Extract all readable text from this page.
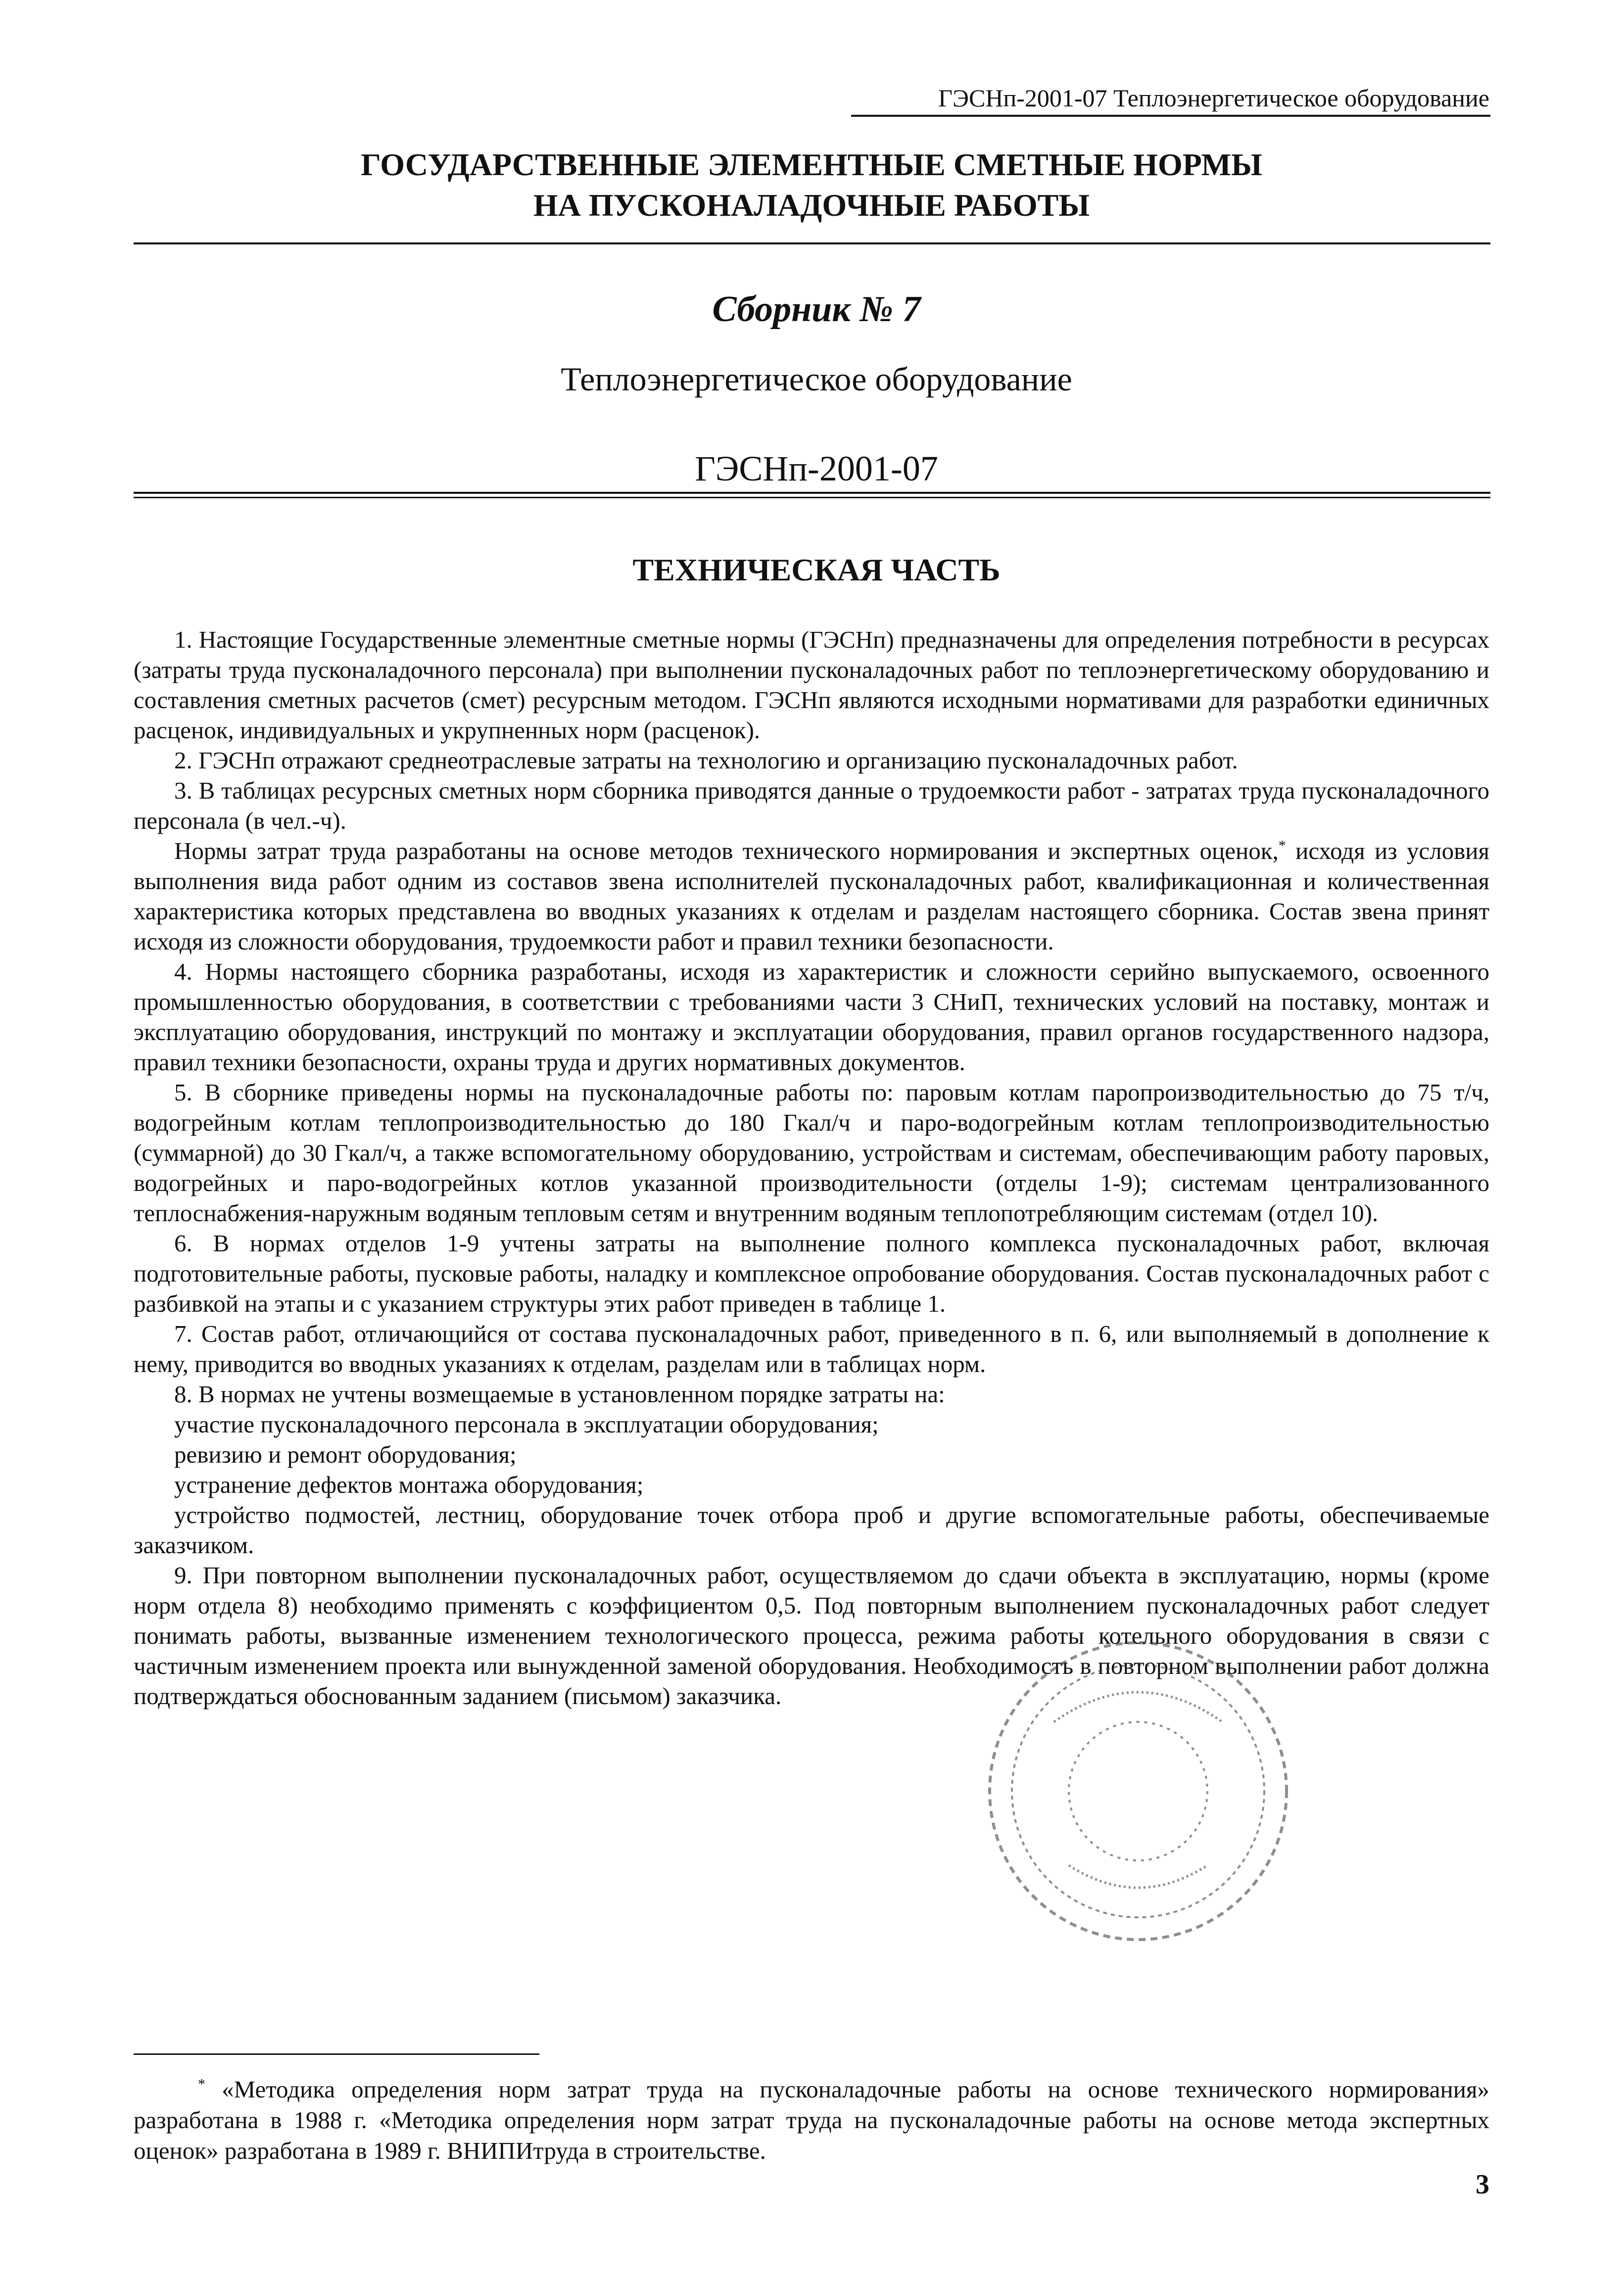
ГЭСНп-2001-07 Теплоэнергетическое оборудование
ГОСУДАРСТВЕННЫЕ ЭЛЕМЕНТНЫЕ СМЕТНЫЕ НОРМЫ
НА ПУСКОНАЛАДОЧНЫЕ РАБОТЫ
Сборник № 7
Теплоэнергетическое оборудование
ГЭСНп-2001-07
ТЕХНИЧЕСКАЯ ЧАСТЬ

1. Настоящие Государственные элементные сметные нормы (ГЭСНп) предназначены для определения потребности в ресурсах (затраты труда пусконаладочного персонала) при выполнении пусконаладочных работ по теплоэнергетическому оборудованию и составления сметных расчетов (смет) ресурсным методом. ГЭСНп являются исходными нормативами для разработки единичных расценок, индивидуальных и укрупненных норм (расценок).

2. ГЭСНп отражают среднеотраслевые затраты на технологию и организацию пусконаладочных работ.

3. В таблицах ресурсных сметных норм сборника приводятся данные о трудоемкости работ - затратах труда пусконаладочного персонала (в чел.-ч).

Нормы затрат труда разработаны на основе методов технического нормирования и экспертных оценок,* исходя из условия выполнения вида работ одним из составов звена исполнителей пусконаладочных работ, квалификационная и количественная характеристика которых представлена во вводных указаниях к отделам и разделам настоящего сборника. Состав звена принят исходя из сложности оборудования, трудоемкости работ и правил техники безопасности.

4. Нормы настоящего сборника разработаны, исходя из характеристик и сложности серийно выпускаемого, освоенного промышленностью оборудования, в соответствии с требованиями части 3 СНиП, технических условий на поставку, монтаж и эксплуатацию оборудования, инструкций по монтажу и эксплуатации оборудования, правил органов государственного надзора, правил техники безопасности, охраны труда и других нормативных документов.

5. В сборнике приведены нормы на пусконаладочные работы по: паровым котлам паропроизводительностью до 75 т/ч, водогрейным котлам теплопроизводительностью до 180 Гкал/ч и паро-водогрейным котлам теплопроизводительностью (суммарной) до 30 Гкал/ч, а также вспомогательному оборудованию, устройствам и системам, обеспечивающим работу паровых, водогрейных и паро-водогрейных котлов указанной производительности (отделы 1-9); системам централизованного теплоснабжения-наружным водяным тепловым сетям и внутренним водяным теплопотребляющим системам (отдел 10).

6. В нормах отделов 1-9 учтены затраты на выполнение полного комплекса пусконаладочных работ, включая подготовительные работы, пусковые работы, наладку и комплексное опробование оборудования. Состав пусконаладочных работ с разбивкой на этапы и с указанием структуры этих работ приведен в таблице 1.

7. Состав работ, отличающийся от состава пусконаладочных работ, приведенного в п. 6, или выполняемый в дополнение к нему, приводится во вводных указаниях к отделам, разделам или в таблицах норм.

8. В нормах не учтены возмещаемые в установленном порядке затраты на:

участие пусконаладочного персонала в эксплуатации оборудования;

ревизию и ремонт оборудования;

устранение дефектов монтажа оборудования;

устройство подмостей, лестниц, оборудование точек отбора проб и другие вспомогательные работы, обеспечиваемые заказчиком.

9. При повторном выполнении пусконаладочных работ, осуществляемом до сдачи объекта в эксплуатацию, нормы (кроме норм отдела 8) необходимо применять с коэффициентом 0,5. Под повторным выполнением пусконаладочных работ следует понимать работы, вызванные изменением технологического процесса, режима работы котельного оборудования в связи с частичным изменением проекта или вынужденной заменой оборудования. Необходимость в повторном выполнении работ должна подтверждаться обоснованным заданием (письмом) заказчика.

* «Методика определения норм затрат труда на пусконаладочные работы на основе технического нормирования» разработана в 1988 г. «Методика определения норм затрат труда на пусконаладочные работы на основе метода экспертных оценок» разработана в 1989 г. ВНИПИтруда в строительстве.

3
